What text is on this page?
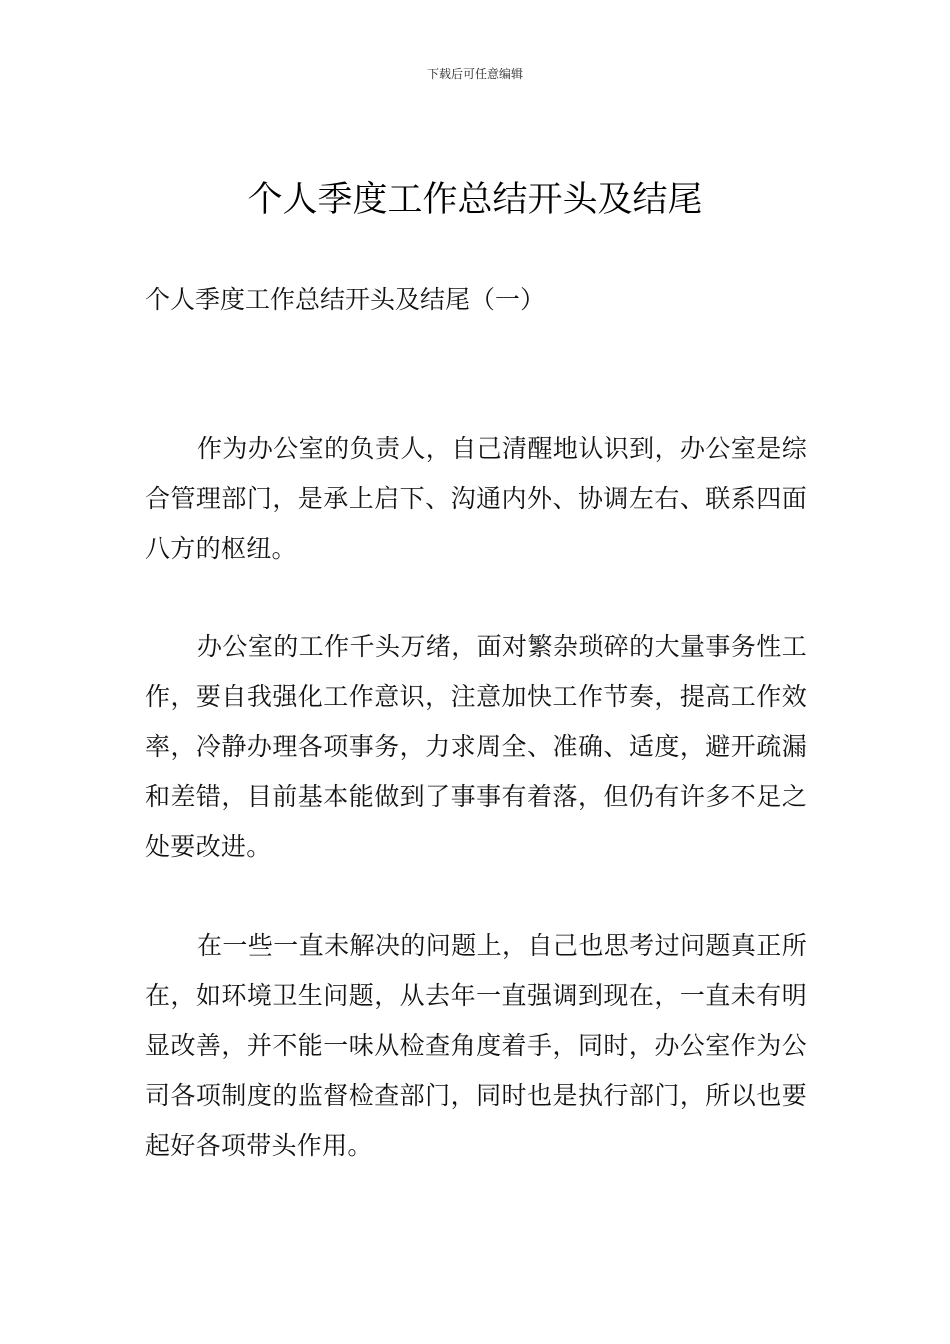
下载后可任意编辑
个人季度工作总结开头及结尾
个人季度工作总结开头及结尾（一）

作为办公室的负责人，自己清醒地认识到，办公室是综合管理部门，是承上启下、沟通内外、协调左右、联系四面八方的枢纽。

办公室的工作千头万绪，面对繁杂琐碎的大量事务性工作，要自我强化工作意识，注意加快工作节奏，提高工作效率，冷静办理各项事务，力求周全、准确、适度，避开疏漏和差错，目前基本能做到了事事有着落，但仍有许多不足之处要改进。

在一些一直未解决的问题上，自己也思考过问题真正所在，如环境卫生问题，从去年一直强调到现在，一直未有明显改善，并不能一味从检查角度着手，同时，办公室作为公司各项制度的监督检查部门，同时也是执行部门，所以也要起好各项带头作用。
